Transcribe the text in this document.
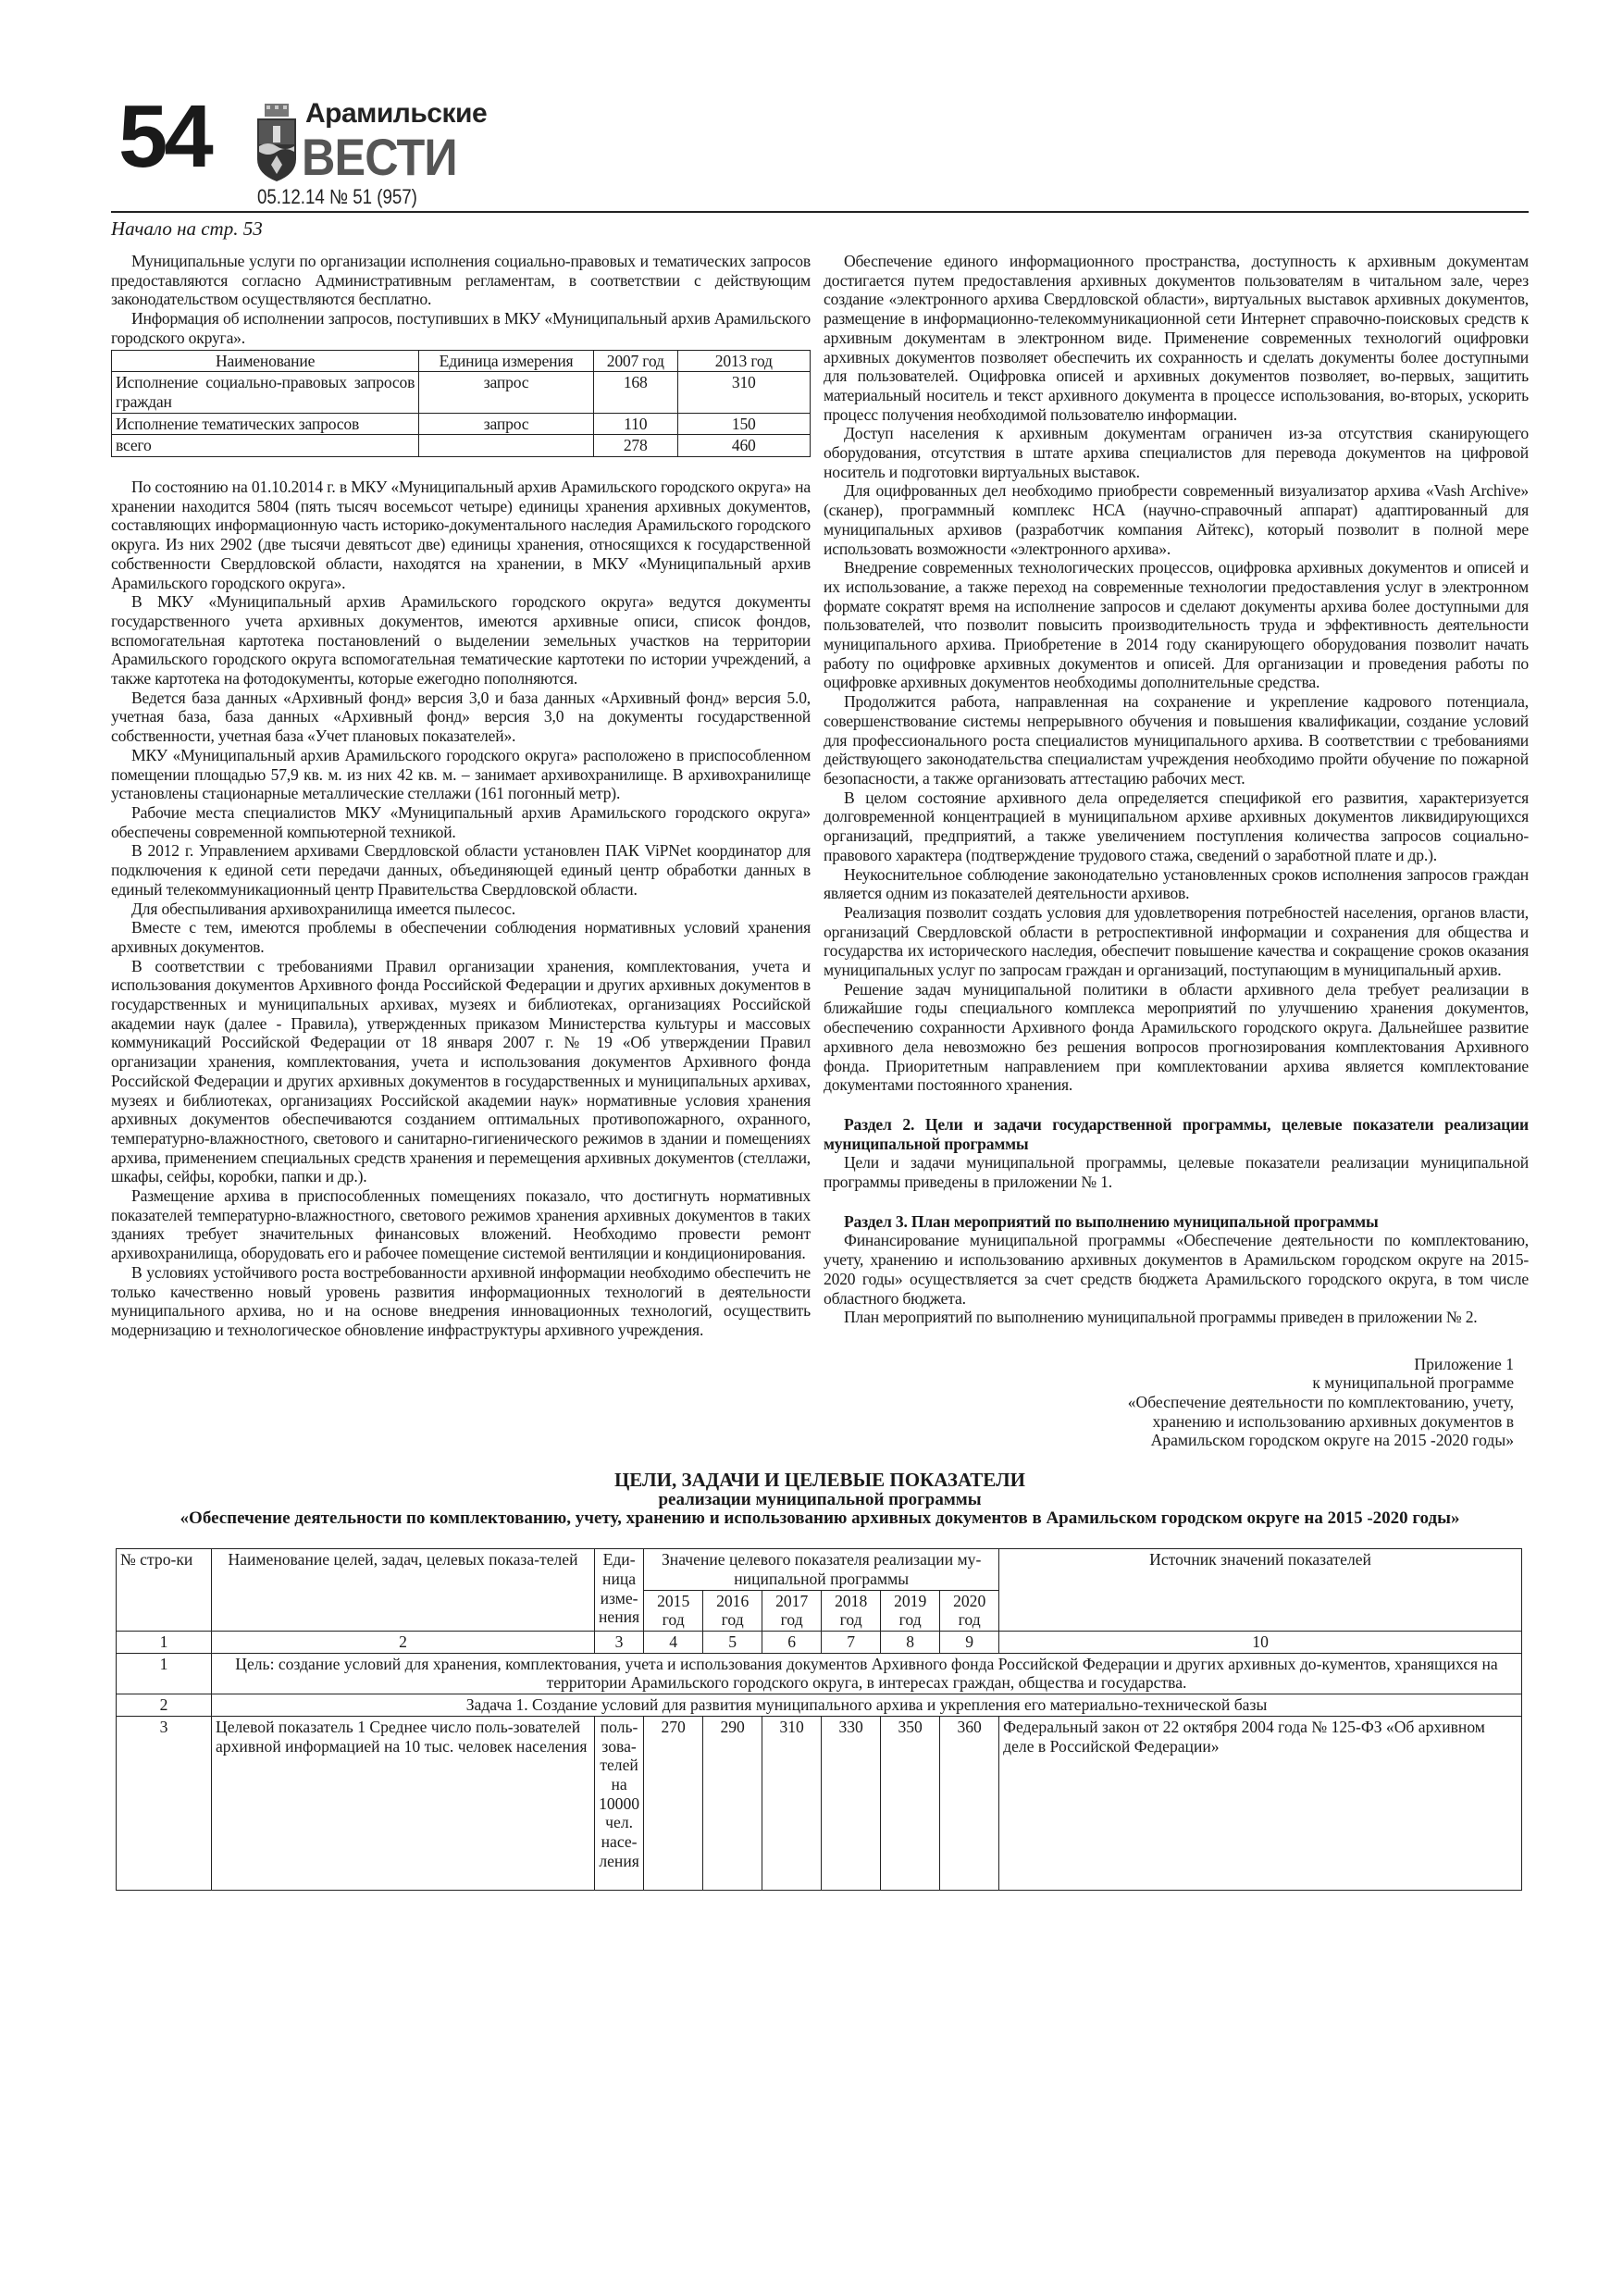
54	Арамильские
ВЕСТИ
05.12.14 № 51 (957)
Начало на стр. 53

Муниципальные услуги по организации исполнения социально-правовых и тематических запросов предоставляются согласно Административным регламентам, в соответствии с действующим законодательством осуществляются бесплатно.

Информация об исполнении запросов, поступивших в МКУ «Муниципальный архив Арамильского городского округа».

Наименование	Единица измерения	2007 год	2013 год
Исполнение социально-правовых запросов граждан	запрос	168	310
Исполнение тематических запросов	запрос	110	150
всего		278	460

По состоянию на 01.10.2014 г. в МКУ «Муниципальный архив Арамильского городского округа» на хранении находится 5804 (пять тысяч восемьсот четыре) единицы хранения архивных документов, составляющих информационную часть историко-документального наследия Арамильского городского округа. Из них 2902 (две тысячи девятьсот две) единицы хранения, относящихся к государственной собственности Свердловской области, находятся на хранении, в МКУ «Муниципальный архив Арамильского городского округа».

В МКУ «Муниципальный архив Арамильского городского округа» ведутся документы государственного учета архивных документов, имеются архивные описи, список фондов, вспомогательная картотека постановлений о выделении земельных участков на территории Арамильского городского округа вспомогательная тематические картотеки по истории учреждений, а также картотека на фотодокументы, которые ежегодно пополняются.

Ведется база данных «Архивный фонд» версия 3,0 и база данных «Архивный фонд» версия 5.0, учетная база, база данных «Архивный фонд» версия 3,0 на документы государственной собственности, учетная база «Учет плановых показателей».

МКУ «Муниципальный архив Арамильского городского округа» расположено в приспособленном помещении площадью 57,9 кв. м. из них 42 кв. м. – занимает архивохранилище. В архивохранилище установлены стационарные металлические стеллажи (161 погонный метр).

Рабочие места специалистов МКУ «Муниципальный архив Арамильского городского округа» обеспечены современной компьютерной техникой.

В 2012 г. Управлением архивами Свердловской области установлен ПАК ViPNet координатор для подключения к единой сети передачи данных, объединяющей единый центр обработки данных в единый телекоммуникационный центр Правительства Свердловской области.

Для обеспыливания архивохранилища имеется пылесос.

Вместе с тем, имеются проблемы в обеспечении соблюдения нормативных условий хранения архивных документов.

В соответствии с требованиями Правил организации хранения, комплектования, учета и использования документов Архивного фонда Российской Федерации и других архивных документов в государственных и муниципальных архивах, музеях и библиотеках, организациях Российской академии наук (далее - Правила), утвержденных приказом Министерства культуры и массовых коммуникаций Российской Федерации от 18 января 2007 г. № 19 «Об утверждении Правил организации хранения, комплектования, учета и использования документов Архивного фонда Российской Федерации и других архивных документов в государственных и муниципальных архивах, музеях и библиотеках, организациях Российской академии наук» нормативные условия хранения архивных документов обеспечиваются созданием оптимальных противопожарного, охранного, температурно-влажностного, светового и санитарно-гигиенического режимов в здании и помещениях архива, применением специальных средств хранения и перемещения архивных документов (стеллажи, шкафы, сейфы, коробки, папки и др.).

Размещение архива в приспособленных помещениях показало, что достигнуть нормативных показателей температурно-влажностного, светового режимов хранения архивных документов в таких зданиях требует значительных финансовых вложений. Необходимо провести ремонт архивохранилища, оборудовать его и рабочее помещение системой вентиляции и кондиционирования.

В условиях устойчивого роста востребованности архивной информации необходимо обеспечить не только качественно новый уровень развития информационных технологий в деятельности муниципального архива, но и на основе внедрения инновационных технологий, осуществить модернизацию и технологическое обновление инфраструктуры архивного учреждения.

Обеспечение единого информационного пространства, доступность к архивным документам достигается путем предоставления архивных документов пользователям в читальном зале, через создание «электронного архива Свердловской области», виртуальных выставок архивных документов, размещение в информационно-телекоммуникационной сети Интернет справочно-поисковых средств к архивным документам в электронном виде. Применение современных технологий оцифровки архивных документов позволяет обеспечить их сохранность и сделать документы более доступными для пользователей. Оцифровка описей и архивных документов позволяет, во-первых, защитить материальный носитель и текст архивного документа в процессе использования, во-вторых, ускорить процесс получения необходимой пользователю информации.

Доступ населения к архивным документам ограничен из-за отсутствия сканирующего оборудования, отсутствия в штате архива специалистов для перевода документов на цифровой носитель и подготовки виртуальных выставок.

Для оцифрованных дел необходимо приобрести современный визуализатор архива «Vash Archive» (сканер), программный комплекс НСА (научно-справочный аппарат) адаптированный для муниципальных архивов (разработчик компания Айтекс), который позволит в полной мере использовать возможности «электронного архива».

Внедрение современных технологических процессов, оцифровка архивных документов и описей и их использование, а также переход на современные технологии предоставления услуг в электронном формате сократят время на исполнение запросов и сделают документы архива более доступными для пользователей, что позволит повысить производительность труда и эффективность деятельности муниципального архива. Приобретение в 2014 году сканирующего оборудования позволит начать работу по оцифровке архивных документов и описей. Для организации и проведения работы по оцифровке архивных документов необходимы дополнительные средства.

Продолжится работа, направленная на сохранение и укрепление кадрового потенциала, совершенствование системы непрерывного обучения и повышения квалификации, создание условий для профессионального роста специалистов муниципального архива. В соответствии с требованиями действующего законодательства специалистам учреждения необходимо пройти обучение по пожарной безопасности, а также организовать аттестацию рабочих мест.

В целом состояние архивного дела определяется спецификой его развития, характеризуется долговременной концентрацией в муниципальном архиве архивных документов ликвидирующихся организаций, предприятий, а также увеличением поступления количества запросов социально-правового характера (подтверждение трудового стажа, сведений о заработной плате и др.).

Неукоснительное соблюдение законодательно установленных сроков исполнения запросов граждан является одним из показателей деятельности архивов.

Реализация позволит создать условия для удовлетворения потребностей населения, органов власти, организаций Свердловской области в ретроспективной информации и сохранения для общества и государства их исторического наследия, обеспечит повышение качества и сокращение сроков оказания муниципальных услуг по запросам граждан и организаций, поступающим в муниципальный архив.

Решение задач муниципальной политики в области архивного дела требует реализации в ближайшие годы специального комплекса мероприятий по улучшению хранения документов, обеспечению сохранности Архивного фонда Арамильского городского округа. Дальнейшее развитие архивного дела невозможно без решения вопросов прогнозирования комплектования Архивного фонда. Приоритетным направлением при комплектовании архива является комплектование документами постоянного хранения.

Раздел 2. Цели и задачи государственной программы, целевые показатели реализации муниципальной программы

Цели и задачи муниципальной программы, целевые показатели реализации муниципальной программы приведены в приложении № 1.

Раздел 3. План мероприятий по выполнению муниципальной программы

Финансирование муниципальной программы «Обеспечение деятельности по комплектованию, учету, хранению и использованию архивных документов в Арамильском городском округе на 2015-2020 годы» осуществляется за счет средств бюджета Арамильского городского округа, в том числе областного бюджета.

План мероприятий по выполнению муниципальной программы приведен в приложении № 2.

Приложение 1
к муниципальной программе
«Обеспечение деятельности по комплектованию, учету,
хранению и использованию архивных документов в
Арамильском городском округе на 2015 -2020 годы»
ЦЕЛИ, ЗАДАЧИ И ЦЕЛЕВЫЕ ПОКАЗАТЕЛИ
реализации муниципальной программы
«Обеспечение деятельности по комплектованию, учету, хранению и использованию архивных документов в Арамильском городском округе на 2015 -2020 годы»
№ стро-ки	Наименование целей, задач, целевых показа-телей	Еди-ница изме-нения	Значение целевого показателя реализации му-ниципальной программы						Источник значений показателей
			2015 год	2016 год	2017 год	2018 год	2019 год	2020 год	
1	2	3	4	5	6	7	8	9	10
1	Цель: создание условий для хранения, комплектования, учета и использования документов Архивного фонда Российской Федерации и других архивных до-кументов, хранящихся на территории Арамильского городского округа, в интересах граждан, общества и государства.								
2	Задача 1. Создание условий для развития муниципального архива и укрепления его материально-технической базы								
3	Целевой показатель 1 Среднее число поль-зователей архивной информацией на 10 тыс. человек населения	поль-зова-телей на 10000 чел. насе-ления	270	290	310	330	350	360	Федеральный закон от 22 октября 2004 года № 125-ФЗ «Об архивном деле в Российской Федерации»
